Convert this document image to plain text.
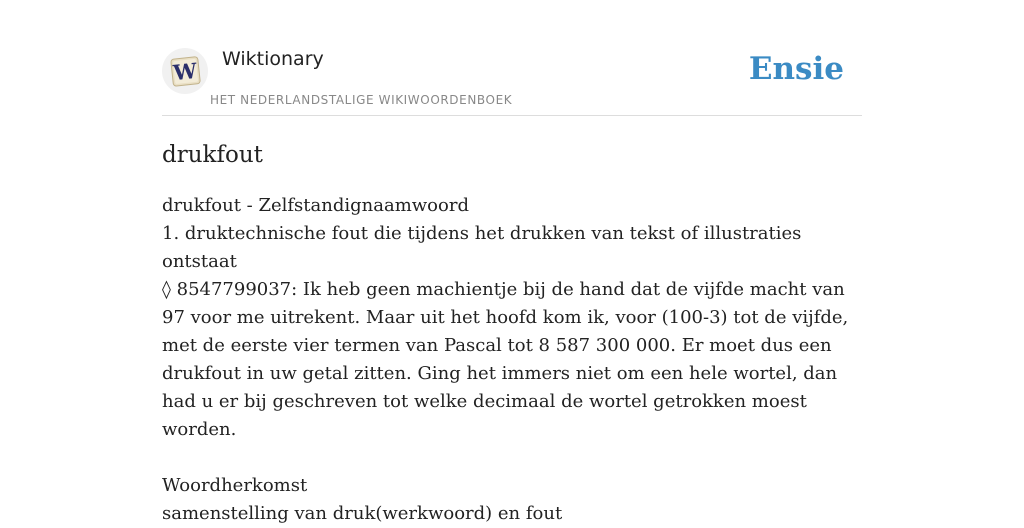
W Wiktionary
HET NEDERLANDSTALIGE WIKIWOORDENBOEK
Ensie
drukfout

drukfout - Zelfstandignaamwoord

1. druktechnische fout die tijdens het drukken van tekst of illustraties ontstaat

◊ 8547799037: Ik heb geen machientje bij de hand dat de vijfde macht van 97 voor me uitrekent. Maar uit het hoofd kom ik, voor (100-3) tot de vijfde, met de eerste vier termen van Pascal tot 8 587 300 000. Er moet dus een drukfout in uw getal zitten. Ging het immers niet om een hele wortel, dan had u er bij geschreven tot welke decimaal de wortel getrokken moest worden.

Woordherkomst

samenstelling van druk(werkwoord) en fout
